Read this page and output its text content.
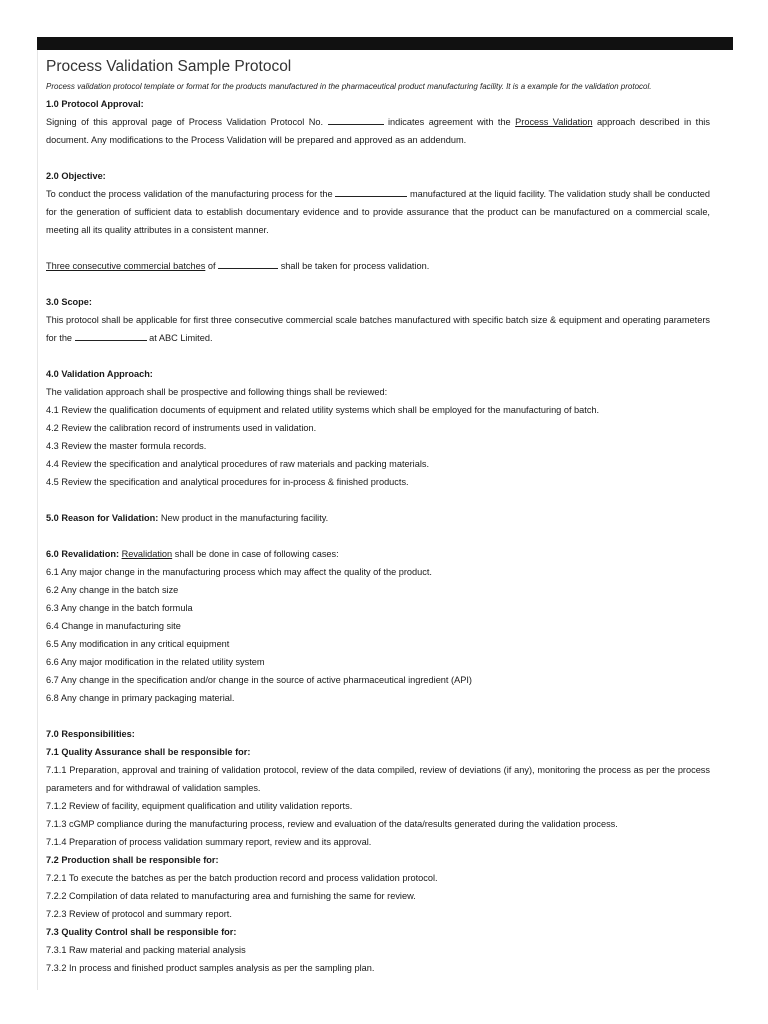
Process Validation Sample Protocol

Process validation protocol template or format for the products manufactured in the pharmaceutical product manufacturing facility. It is a example for the validation protocol.

1.0 Protocol Approval:

Signing of this approval page of Process Validation Protocol No.	indicates agreement with the Process Validation approach described in this document. Any modifications to the Process Validation will be prepared and approved as an addendum.

2.0 Objective:

To conduct the process validation of the manufacturing process for the	manufactured at the liquid facility. The validation study shall be conducted for the generation of sufficient data to establish documentary evidence and to provide assurance that the product can be manufactured on a commercial scale, meeting all its quality attributes in a consistent manner.

Three consecutive commercial batches of	shall be taken for process validation.

3.0 Scope:

This protocol shall be applicable for first three consecutive commercial scale batches manufactured with specific batch size & equipment and operating parameters for the	at ABC Limited.

4.0 Validation Approach:

The validation approach shall be prospective and following things shall be reviewed:

4.1 Review the qualification documents of equipment and related utility systems which shall be employed for the manufacturing of batch.

4.2 Review the calibration record of instruments used in validation.

4.3 Review the master formula records.

4.4 Review the specification and analytical procedures of raw materials and packing materials.

4.5 Review the specification and analytical procedures for in-process & finished products.

5.0 Reason for Validation: New product in the manufacturing facility.

6.0 Revalidation: Revalidation shall be done in case of following cases:

6.1 Any major change in the manufacturing process which may affect the quality of the product.

6.2 Any change in the batch size

6.3 Any change in the batch formula

6.4 Change in manufacturing site

6.5 Any modification in any critical equipment

6.6 Any major modification in the related utility system

6.7 Any change in the specification and/or change in the source of active pharmaceutical ingredient (API)

6.8 Any change in primary packaging material.

7.0 Responsibilities:

7.1 Quality Assurance shall be responsible for:

7.1.1 Preparation, approval and training of validation protocol, review of the data compiled, review of deviations (if any), monitoring the process as per the process parameters and for withdrawal of validation samples.

7.1.2 Review of facility, equipment qualification and utility validation reports.

7.1.3 cGMP compliance during the manufacturing process, review and evaluation of the data/results generated during the validation process.

7.1.4 Preparation of process validation summary report, review and its approval.

7.2 Production shall be responsible for:

7.2.1 To execute the batches as per the batch production record and process validation protocol.

7.2.2 Compilation of data related to manufacturing area and furnishing the same for review.

7.2.3 Review of protocol and summary report.

7.3 Quality Control shall be responsible for:

7.3.1 Raw material and packing material analysis

7.3.2 In process and finished product samples analysis as per the sampling plan.
